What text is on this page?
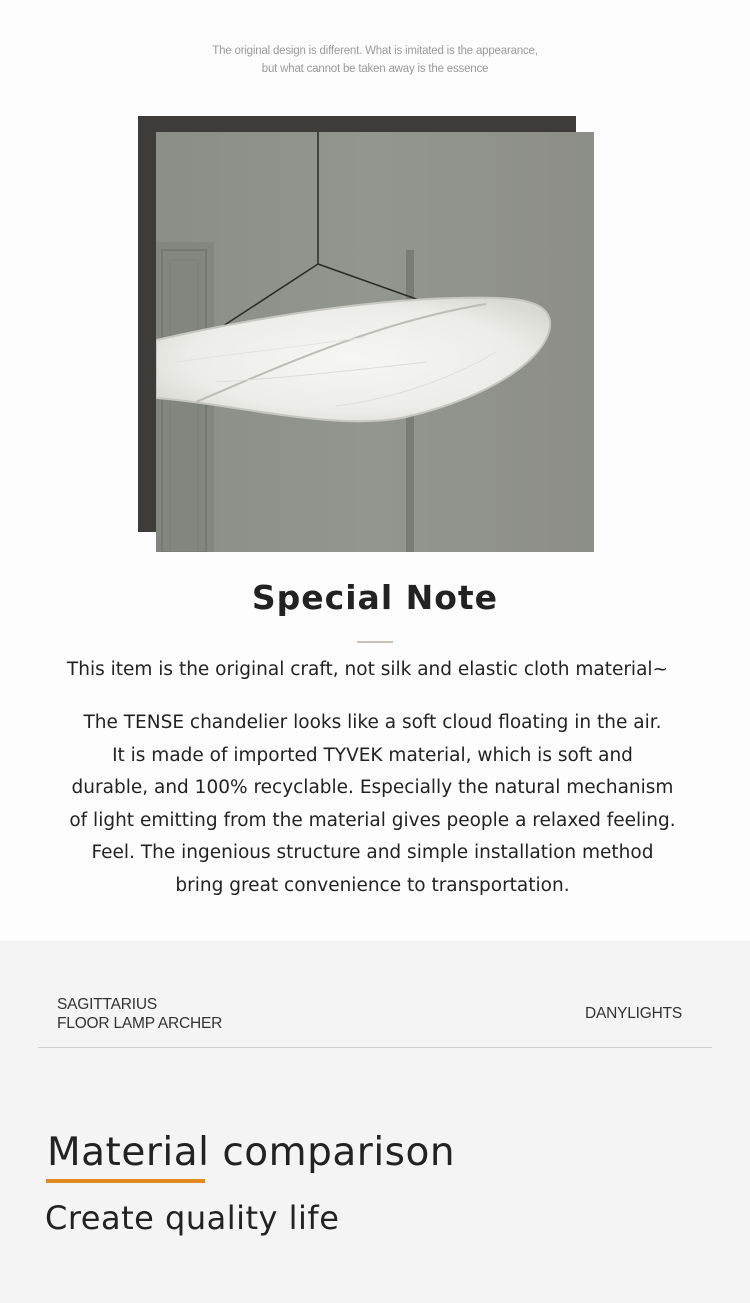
The original design is different. What is imitated is the appearance,
but what cannot be taken away is the essence
Special Note
This item is the original craft, not silk and elastic cloth material~
The TENSE chandelier looks like a soft cloud floating in the air.
It is made of imported TYVEK material, which is soft and
durable, and 100% recyclable. Especially the natural mechanism
of light emitting from the material gives people a relaxed feeling.
Feel. The ingenious structure and simple installation method
bring great convenience to transportation.
SAGITTARIUS
FLOOR LAMP ARCHER
DANYLIGHTS
Material comparison
Create quality life
